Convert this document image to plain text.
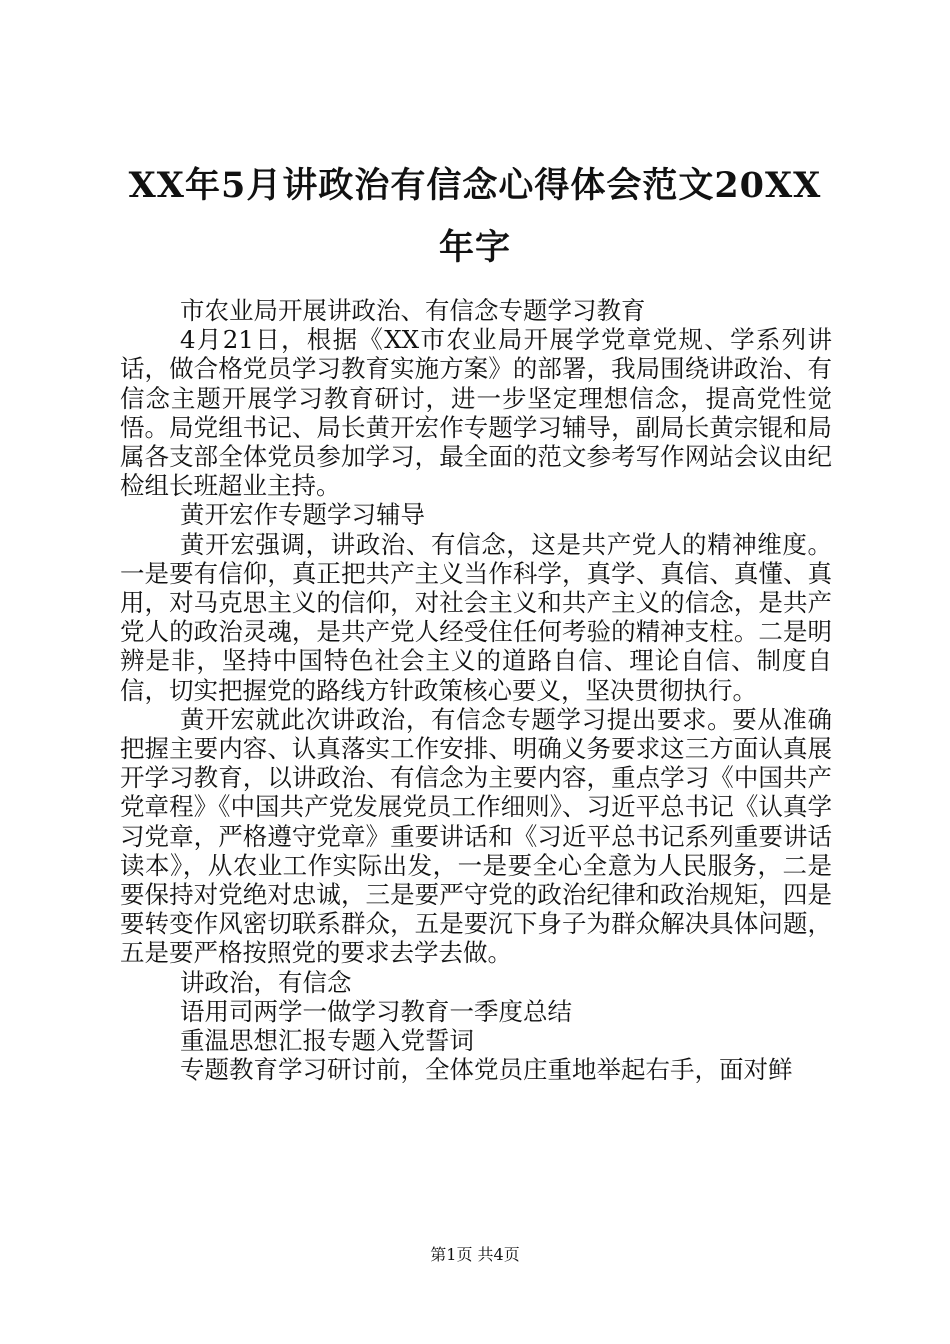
XX年5月讲政治有信念心得体会范文20XX年字

市农业局开展讲政治、有信念专题学习教育

4月21日，根据《XX市农业局开展学党章党规、学系列讲话，做合格党员学习教育实施方案》的部署，我局围绕讲政治、有信念主题开展学习教育研讨，进一步坚定理想信念，提高党性觉悟。局党组书记、局长黄开宏作专题学习辅导，副局长黄宗锟和局属各支部全体党员参加学习，最全面的范文参考写作网站会议由纪检组长班超业主持。

黄开宏作专题学习辅导

黄开宏强调，讲政治、有信念，这是共产党人的精神维度。一是要有信仰，真正把共产主义当作科学，真学、真信、真懂、真用，对马克思主义的信仰，对社会主义和共产主义的信念，是共产党人的政治灵魂，是共产党人经受住任何考验的精神支柱。二是明辨是非，坚持中国特色社会主义的道路自信、理论自信、制度自信，切实把握党的路线方针政策核心要义，坚决贯彻执行。

黄开宏就此次讲政治，有信念专题学习提出要求。要从准确把握主要内容、认真落实工作安排、明确义务要求这三方面认真展开学习教育，以讲政治、有信念为主要内容，重点学习《中国共产党章程》《中国共产党发展党员工作细则》、习近平总书记《认真学习党章，严格遵守党章》重要讲话和《习近平总书记系列重要讲话读本》，从农业工作实际出发，一是要全心全意为人民服务，二是要保持对党绝对忠诚，三是要严守党的政治纪律和政治规矩，四是要转变作风密切联系群众，五是要沉下身子为群众解决具体问题，五是要严格按照党的要求去学去做。

讲政治，有信念

语用司两学一做学习教育一季度总结

重温思想汇报专题入党誓词

专题教育学习研讨前，全体党员庄重地举起右手，面对鲜

第1页 共4页
